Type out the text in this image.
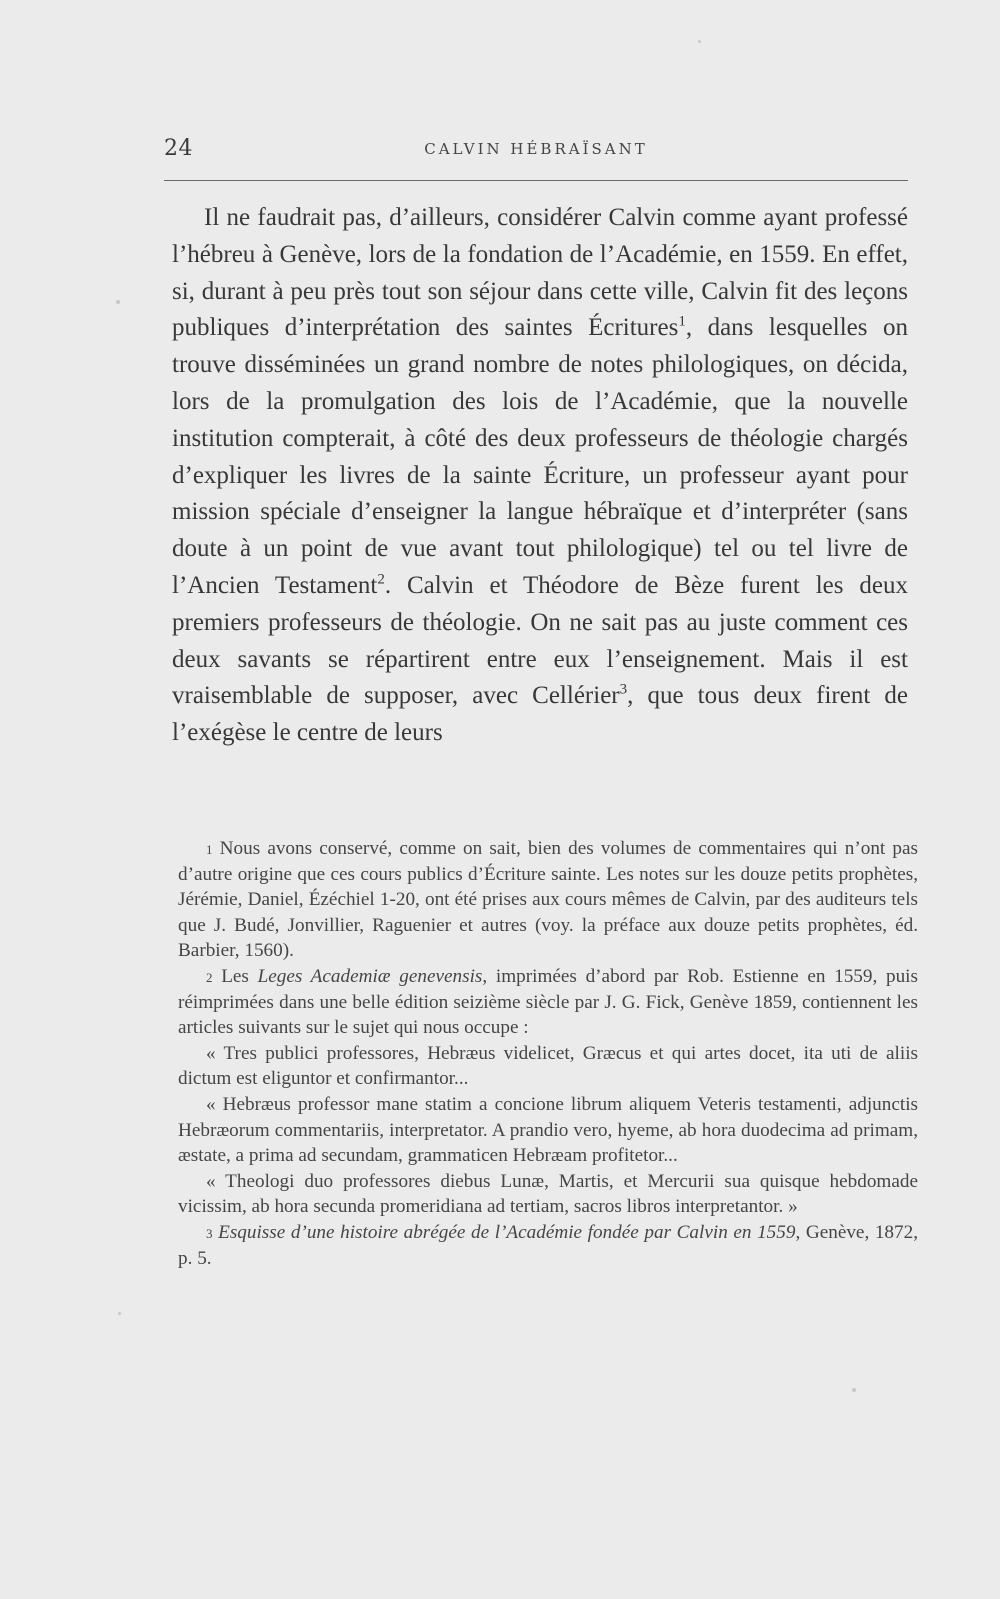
24	CALVIN HÉBRAÏSANT

Il ne faudrait pas, d’ailleurs, considérer Calvin comme ayant professé l’hébreu à Genève, lors de la fondation de l’Académie, en 1559. En effet, si, durant à peu près tout son séjour dans cette ville, Calvin fit des leçons publiques d’interprétation des saintes Écritures$^1$, dans lesquelles on trouve disséminées un grand nombre de notes philologiques, on décida, lors de la promulgation des lois de l’Académie, que la nouvelle institution compterait, à côté des deux professeurs de théologie chargés d’expliquer les livres de la sainte Écriture, un professeur ayant pour mission spéciale d’enseigner la langue hébraïque et d’interpréter (sans doute à un point de vue avant tout philologique) tel ou tel livre de l’Ancien Testament$^2$. Calvin et Théodore de Bèze furent les deux premiers professeurs de théologie. On ne sait pas au juste comment ces deux savants se répartirent entre eux l’enseignement. Mais il est vraisemblable de supposer, avec Cellérier$^3$, que tous deux firent de l’exégèse le centre de leurs

$^1$ Nous avons conservé, comme on sait, bien des volumes de commentaires qui n’ont pas d’autre origine que ces cours publics d’Écriture sainte. Les notes sur les douze petits prophètes, Jérémie, Daniel, Ézéchiel 1-20, ont été prises aux cours mêmes de Calvin, par des auditeurs tels que J. Budé, Jonvillier, Raguenier et autres (voy. la préface aux douze petits prophètes, éd. Barbier, 1560).

$^2$ Les Leges Academiæ genevensis, imprimées d’abord par Rob. Estienne en 1559, puis réimprimées dans une belle édition seizième siècle par J. G. Fick, Genève 1859, contiennent les articles suivants sur le sujet qui nous occupe :

« Tres publici professores, Hebræus videlicet, Græcus et qui artes docet, ita uti de aliis dictum est eliguntor et confirmantor...

« Hebræus professor mane statim a concione librum aliquem Veteris testamenti, adjunctis Hebræorum commentariis, interpretator. A prandio vero, hyeme, ab hora duodecima ad primam, æstate, a prima ad secundam, grammaticen Hebræam profitetor...

« Theologi duo professores diebus Lunæ, Martis, et Mercurii sua quisque hebdomade vicissim, ab hora secunda promeridiana ad tertiam, sacros libros interpretantor. »

$^3$ Esquisse d’une histoire abrégée de l’Académie fondée par Calvin en 1559, Genève, 1872, p. 5.
